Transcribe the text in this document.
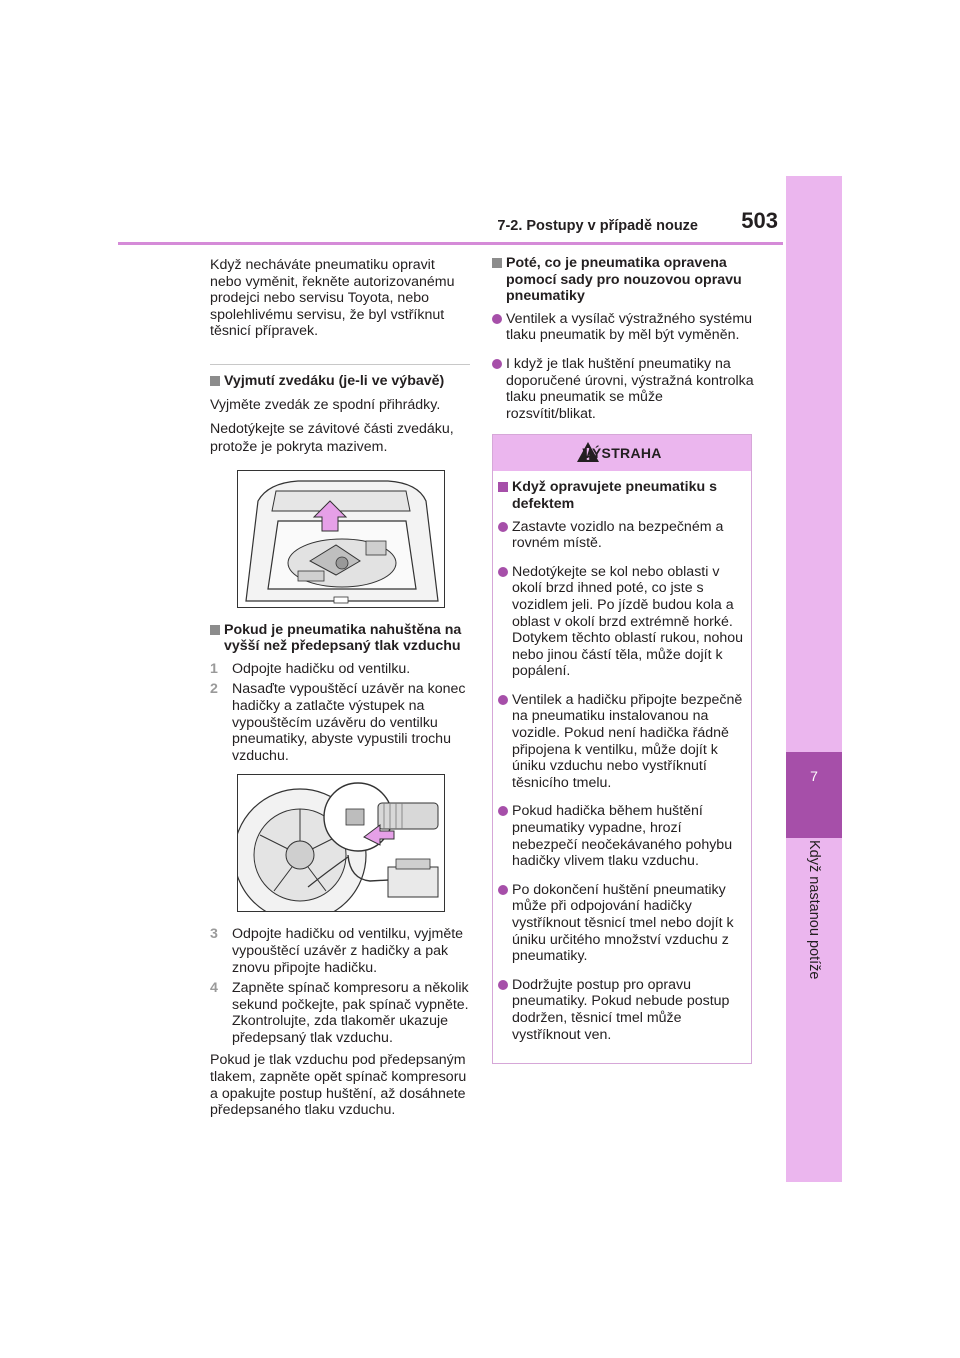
7
Když nastanou potíže
7-2. Postupy v případě nouze	503

Když necháváte pneumatiku opravit nebo vyměnit, řekněte autorizovanému prodejci nebo servisu Toyota, nebo spolehlivému servisu, že byl vstříknut těsnicí přípravek.

Vyjmutí zvedáku (je-li ve výbavě)

Vyjměte zvedák ze spodní přihrádky.

Nedotýkejte se závitové části zvedáku, protože je pokryta mazivem.

Pokud je pneumatika nahuštěna na vyšší než předepsaný tlak vzduchu
1 Odpojte hadičku od ventilku.
2 Nasaďte vypouštěcí uzávěr na konec hadičky a zatlačte výstupek na vypouštěcím uzávěru do ventilku pneumatiky, abyste vypustili trochu vzduchu.
3 Odpojte hadičku od ventilku, vyjměte vypouštěcí uzávěr z hadičky a pak znovu připojte hadičku.
4 Zapněte spínač kompresoru a několik sekund počkejte, pak spínač vypněte. Zkontrolujte, zda tlakoměr ukazuje předepsaný tlak vzduchu.

Pokud je tlak vzduchu pod předepsaným tlakem, zapněte opět spínač kompresoru a opakujte postup huštění, až dosáhnete předepsaného tlaku vzduchu.

Poté, co je pneumatika opravena pomocí sady pro nouzovou opravu pneumatiky
Ventilek a vysílač výstražného systému tlaku pneumatik by měl být vyměněn.
I když je tlak huštění pneumatiky na doporučené úrovni, výstražná kontrolka tlaku pneumatik se může rozsvítit/blikat.
VÝSTRAHA
Když opravujete pneumatiku s defektem
Zastavte vozidlo na bezpečném a rovném místě.
Nedotýkejte se kol nebo oblasti v okolí brzd ihned poté, co jste s vozidlem jeli. Po jízdě budou kola a oblast v okolí brzd extrémně horké. Dotykem těchto oblastí rukou, nohou nebo jinou částí těla, může dojít k popálení.
Ventilek a hadičku připojte bezpečně na pneumatiku instalovanou na vozidle. Pokud není hadička řádně připojena k ventilku, může dojít k úniku vzduchu nebo vystříknutí těsnicího tmelu.
Pokud hadička během huštění pneumatiky vypadne, hrozí nebezpečí neočekávaného pohybu hadičky vlivem tlaku vzduchu.
Po dokončení huštění pneumatiky může při odpojování hadičky vystříknout těsnicí tmel nebo dojít k úniku určitého množství vzduchu z pneumatiky.
Dodržujte postup pro opravu pneumatiky. Pokud nebude postup dodržen, těsnicí tmel může vystříknout ven.
